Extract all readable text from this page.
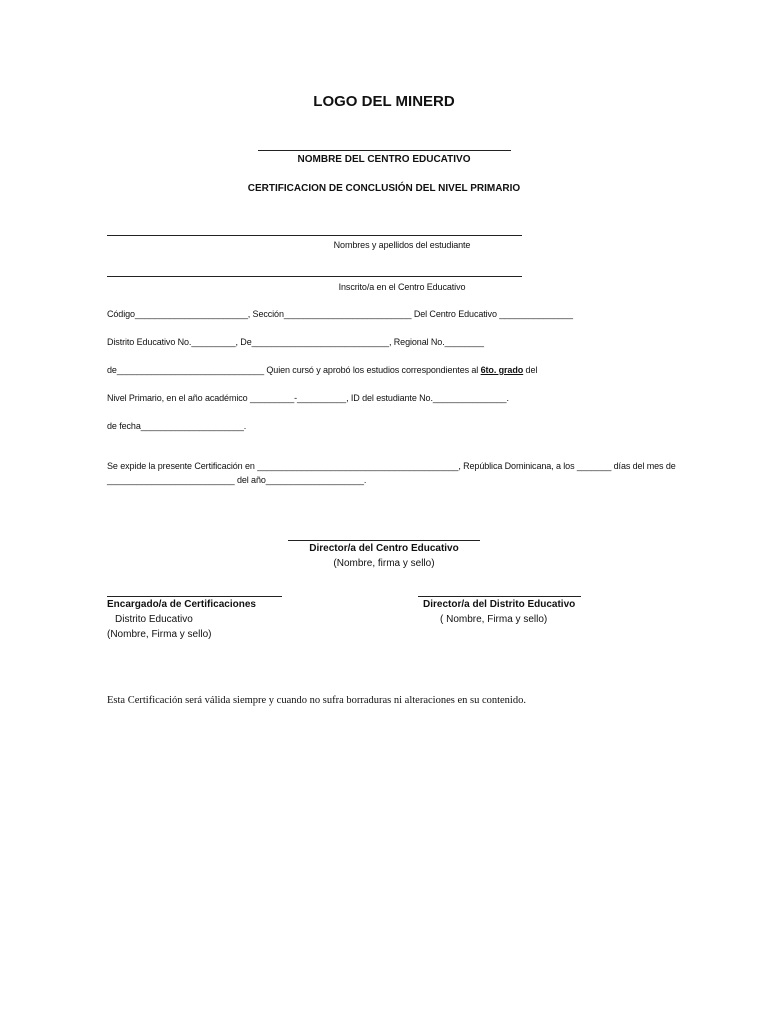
LOGO DEL MINERD
NOMBRE DEL CENTRO EDUCATIVO
CERTIFICACION DE CONCLUSIÓN DEL NIVEL PRIMARIO
Nombres y apellidos del estudiante
Inscrito/a en el Centro Educativo
Código_______________________, Sección__________________________ Del Centro Educativo _______________
Distrito Educativo No._________, De____________________________, Regional No.________
de______________________________ Quien cursó y aprobó los estudios correspondientes al 6to. grado del
Nivel Primario, en el año académico _________-__________, ID del estudiante No._______________.
de fecha_____________________.
Se expide la presente Certificación en _________________________________________, República Dominicana, a los _______ días del mes de
__________________________ del año____________________.
Director/a del Centro Educativo
(Nombre, firma y sello)
Encargado/a de Certificaciones
Distrito Educativo
(Nombre, Firma y sello)
Director/a del Distrito Educativo
( Nombre, Firma y sello)
Esta Certificación será válida siempre y cuando no sufra borraduras ni alteraciones en su contenido.
